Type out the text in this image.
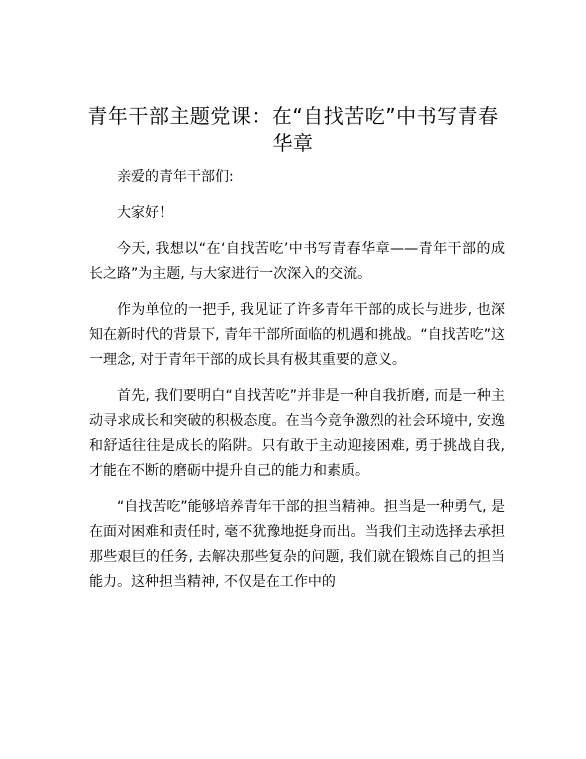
青年干部主题党课：在“自找苦吃”中书写青春华章

亲爱的青年干部们:

大家好！

今天, 我想以“在‘自找苦吃’中书写青春华章——青年干部的成长之路”为主题, 与大家进行一次深入的交流。

作为单位的一把手, 我见证了许多青年干部的成长与进步, 也深知在新时代的背景下, 青年干部所面临的机遇和挑战。“自找苦吃”这一理念, 对于青年干部的成长具有极其重要的意义。

首先, 我们要明白“自找苦吃”并非是一种自我折磨, 而是一种主动寻求成长和突破的积极态度。在当今竞争激烈的社会环境中, 安逸和舒适往往是成长的陷阱。只有敢于主动迎接困难, 勇于挑战自我, 才能在不断的磨砺中提升自己的能力和素质。

“自找苦吃”能够培养青年干部的担当精神。担当是一种勇气, 是在面对困难和责任时, 毫不犹豫地挺身而出。当我们主动选择去承担那些艰巨的任务, 去解决那些复杂的问题, 我们就在锻炼自己的担当能力。这种担当精神, 不仅是在工作中的
